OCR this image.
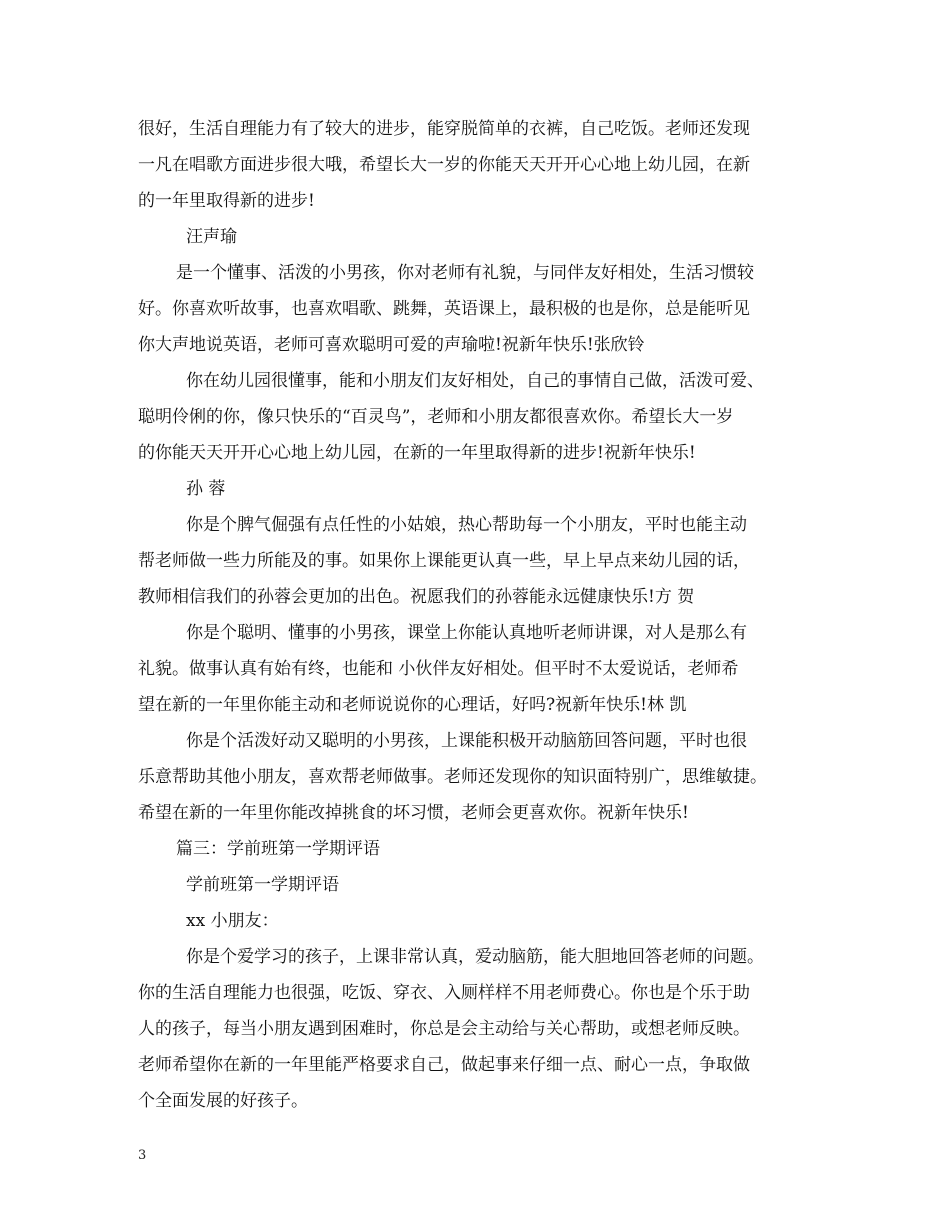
很好，生活自理能力有了较大的进步，能穿脱简单的衣裤，自己吃饭。老师还发现
一凡在唱歌方面进步很大哦，希望长大一岁的你能天天开开心心地上幼儿园，在新
的一年里取得新的进步!
汪声瑜
是一个懂事、活泼的小男孩，你对老师有礼貌，与同伴友好相处，生活习惯较
好。你喜欢听故事，也喜欢唱歌、跳舞，英语课上，最积极的也是你，总是能听见
你大声地说英语，老师可喜欢聪明可爱的声瑜啦!祝新年快乐!张欣铃
你在幼儿园很懂事，能和小朋友们友好相处，自己的事情自己做，活泼可爱、
聪明伶俐的你，像只快乐的“百灵鸟”，老师和小朋友都很喜欢你。希望长大一岁
的你能天天开开心心地上幼儿园，在新的一年里取得新的进步!祝新年快乐!
孙 蓉
你是个脾气倔强有点任性的小姑娘，热心帮助每一个小朋友，平时也能主动
帮老师做一些力所能及的事。如果你上课能更认真一些，早上早点来幼儿园的话，
教师相信我们的孙蓉会更加的出色。祝愿我们的孙蓉能永远健康快乐!方 贺
你是个聪明、懂事的小男孩，课堂上你能认真地听老师讲课，对人是那么有
礼貌。做事认真有始有终，也能和 小伙伴友好相处。但平时不太爱说话，老师希
望在新的一年里你能主动和老师说说你的心理话，好吗?祝新年快乐!林 凯
你是个活泼好动又聪明的小男孩，上课能积极开动脑筋回答问题，平时也很
乐意帮助其他小朋友，喜欢帮老师做事。老师还发现你的知识面特别广，思维敏捷。
希望在新的一年里你能改掉挑食的坏习惯，老师会更喜欢你。祝新年快乐!
篇三：学前班第一学期评语
学前班第一学期评语
xx 小朋友：
你是个爱学习的孩子，上课非常认真，爱动脑筋，能大胆地回答老师的问题。
你的生活自理能力也很强，吃饭、穿衣、入厕样样不用老师费心。你也是个乐于助
人的孩子，每当小朋友遇到困难时，你总是会主动给与关心帮助，或想老师反映。
老师希望你在新的一年里能严格要求自己，做起事来仔细一点、耐心一点，争取做
个全面发展的好孩子。
3
